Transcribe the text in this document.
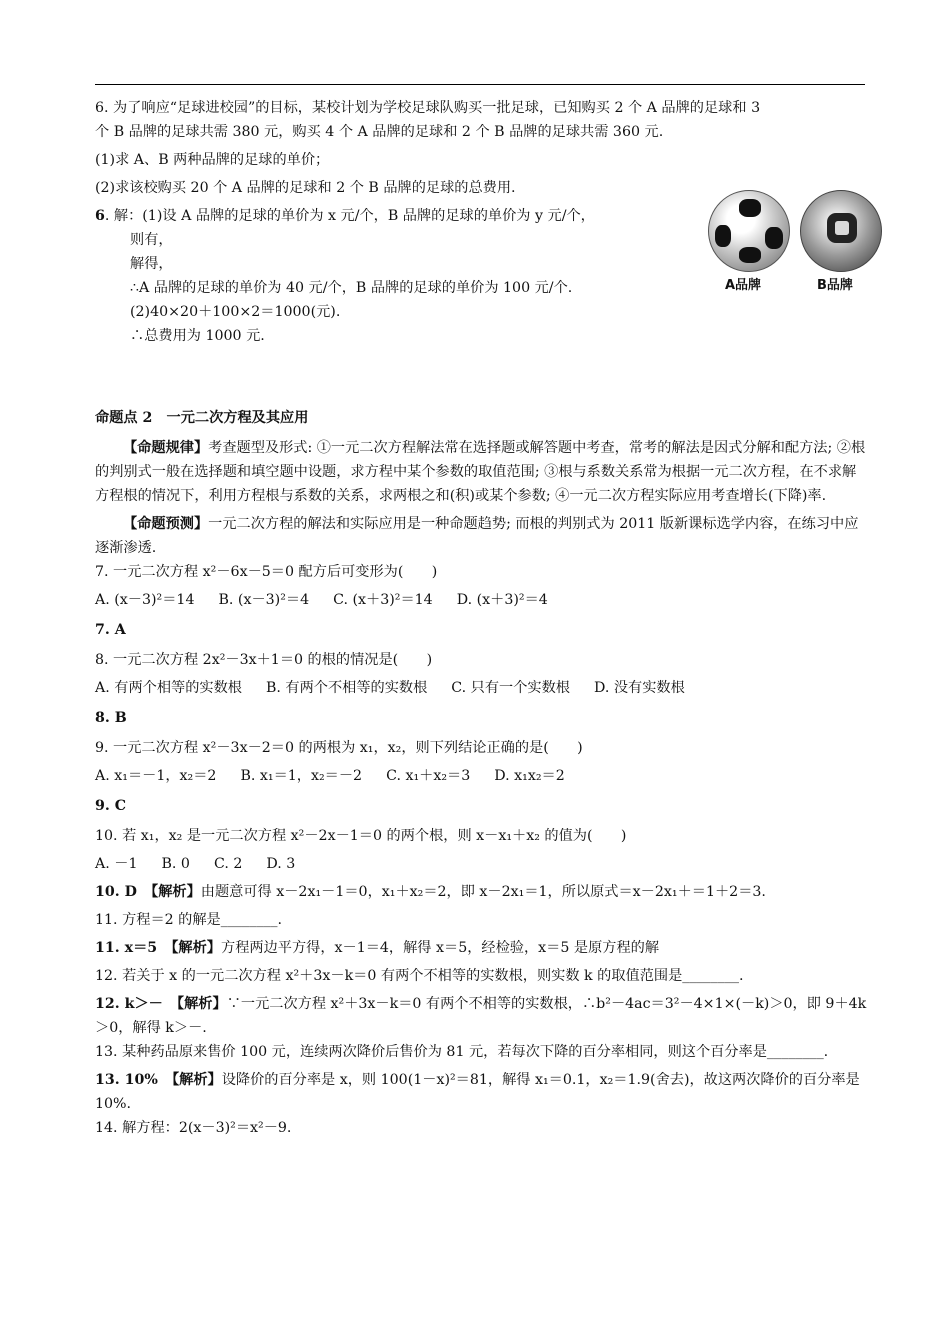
6. 为了响应“足球进校园”的目标，某校计划为学校足球队购买一批足球，已知购买 2 个 A 品牌的足球和 3

个 B 品牌的足球共需 380 元，购买 4 个 A 品牌的足球和 2 个 B 品牌的足球共需 360 元.

(1)求 A、B 两种品牌的足球的单价；

(2)求该校购买 20 个 A 品牌的足球和 2 个 B 品牌的足球的总费用.

6. 解：(1)设 A 品牌的足球的单价为 x 元/个，B 品牌的足球的单价为 y 元/个，

则有，

解得，

∴A 品牌的足球的单价为 40 元/个，B 品牌的足球的单价为 100 元/个.

(2)40×20＋100×2＝1000(元).

∴总费用为 1000 元.

命题点 2　一元二次方程及其应用

【命题规律】考查题型及形式: ①一元二次方程解法常在选择题或解答题中考查，常考的解法是因式分解和配方法; ②根的判别式一般在选择题和填空题中设题，求方程中某个参数的取值范围; ③根与系数关系常为根据一元二次方程，在不求解方程根的情况下，利用方程根与系数的关系，求两根之和(积)或某个参数; ④一元二次方程实际应用考查增长(下降)率.

【命题预测】一元二次方程的解法和实际应用是一种命题趋势; 而根的判别式为 2011 版新课标选学内容，在练习中应逐渐渗透.

7. 一元二次方程 x²－6x－5＝0 配方后可变形为(　　)

A. (x－3)²＝14 B. (x－3)²＝4 C. (x＋3)²＝14 D. (x＋3)²＝4

7. A

8. 一元二次方程 2x²－3x＋1＝0 的根的情况是(　　)

A. 有两个相等的实数根 B. 有两个不相等的实数根 C. 只有一个实数根 D. 没有实数根

8. B

9. 一元二次方程 x²－3x－2＝0 的两根为 x₁，x₂，则下列结论正确的是(　　)

A. x₁＝－1，x₂＝2 B. x₁＝1，x₂＝－2 C. x₁＋x₂＝3 D. x₁x₂＝2

9. C

10. 若 x₁，x₂ 是一元二次方程 x²－2x－1＝0 的两个根，则 x－x₁＋x₂ 的值为(　　)

A. －1 B. 0 C. 2 D. 3

10. D　 【解析】由题意可得 x－2x₁－1＝0，x₁＋x₂＝2，即 x－2x₁＝1，所以原式＝x－2x₁＋＝1＋2＝3.

11. 方程＝2 的解是________.

11. x＝5　 【解析】方程两边平方得，x－1＝4，解得 x＝5，经检验，x＝5 是原方程的解

12. 若关于 x 的一元二次方程 x²＋3x－k＝0 有两个不相等的实数根，则实数 k 的取值范围是________.

12. k＞－　 【解析】∵一元二次方程 x²＋3x－k＝0 有两个不相等的实数根，∴b²－4ac＝3²－4×1×(－k)＞0，即 9＋4k＞0，解得 k＞－.

13. 某种药品原来售价 100 元，连续两次降价后售价为 81 元，若每次下降的百分率相同，则这个百分率是________.

13. 10%　 【解析】设降价的百分率是 x，则 100(1－x)²＝81，解得 x₁＝0.1，x₂＝1.9(舍去)，故这两次降价的百分率是 10%.

14. 解方程：2(x－3)²＝x²－9.

A品牌	B品牌
